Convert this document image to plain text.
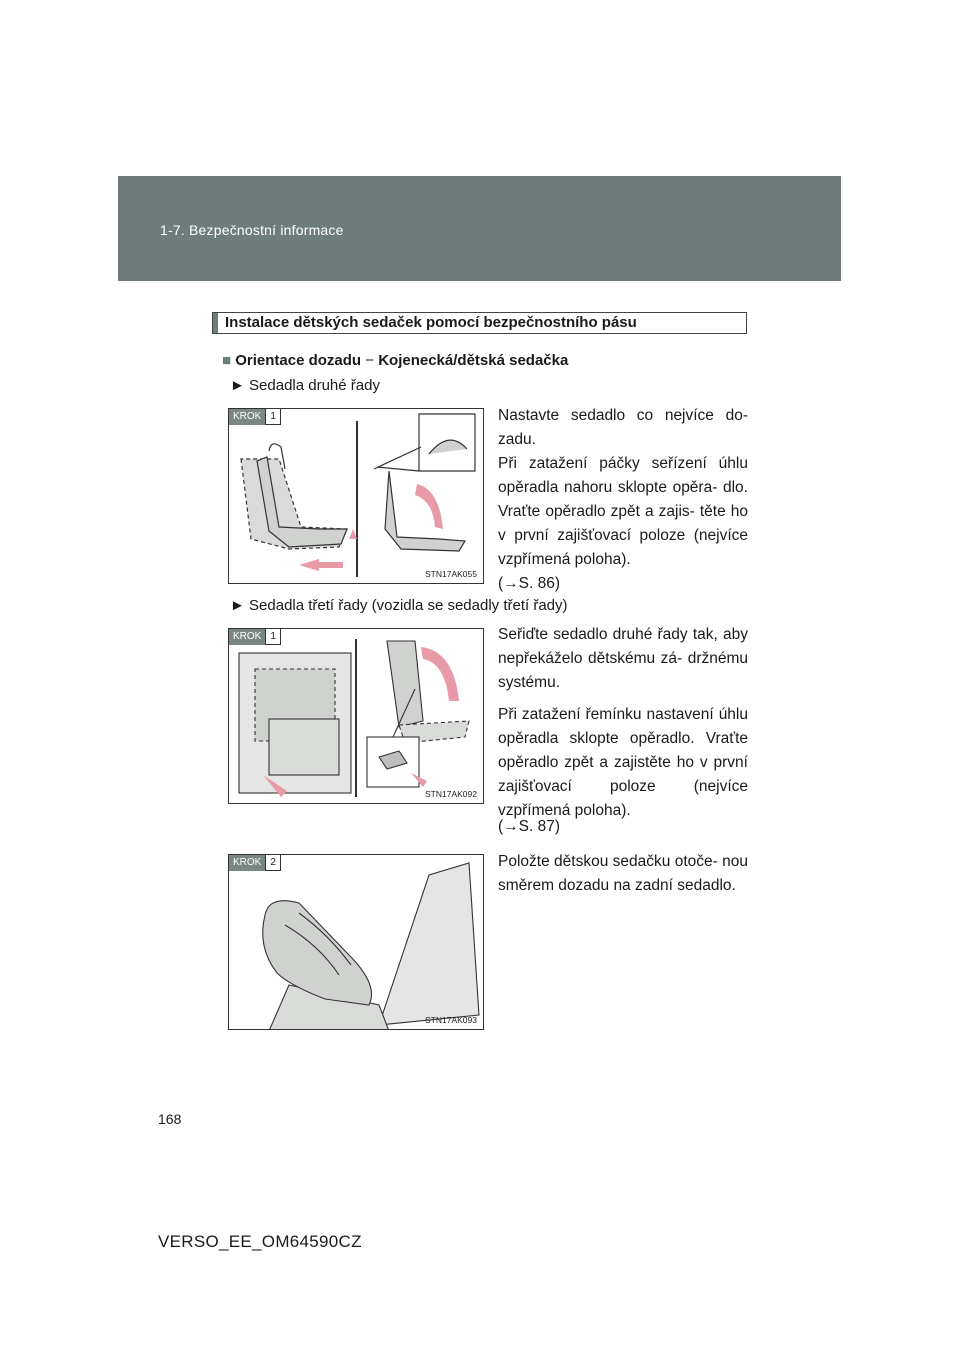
1-7. Bezpečnostní informace
Instalace dětských sedaček pomocí bezpečnostního pásu
■ Orientace dozadu − Kojenecká/dětská sedačka
► Sedadla druhé řady
KROK 1
STN17AK055
Nastavte sedadlo co nejvíce do- zadu.
Při zatažení páčky seřízení úhlu opěradla nahoru sklopte opěra- dlo. Vraťte opěradlo zpět a zajis- těte ho v první zajišťovací poloze (nejvíce vzpřímená poloha).
(→S. 86)
► Sedadla třetí řady (vozidla se sedadly třetí řady)
KROK 1
STN17AK092
Seřiďte sedadlo druhé řady tak, aby nepřekáželo dětskému zá- držnému systému.
Při zatažení řemínku nastavení úhlu opěradla sklopte opěradlo. Vraťte opěradlo zpět a zajistěte ho v první zajišťovací poloze (nejvíce vzpřímená poloha).
(→S. 87)
KROK 2
STN17AK093
Položte dětskou sedačku otoče- nou směrem dozadu na zadní sedadlo.
168
VERSO_EE_OM64590CZ
